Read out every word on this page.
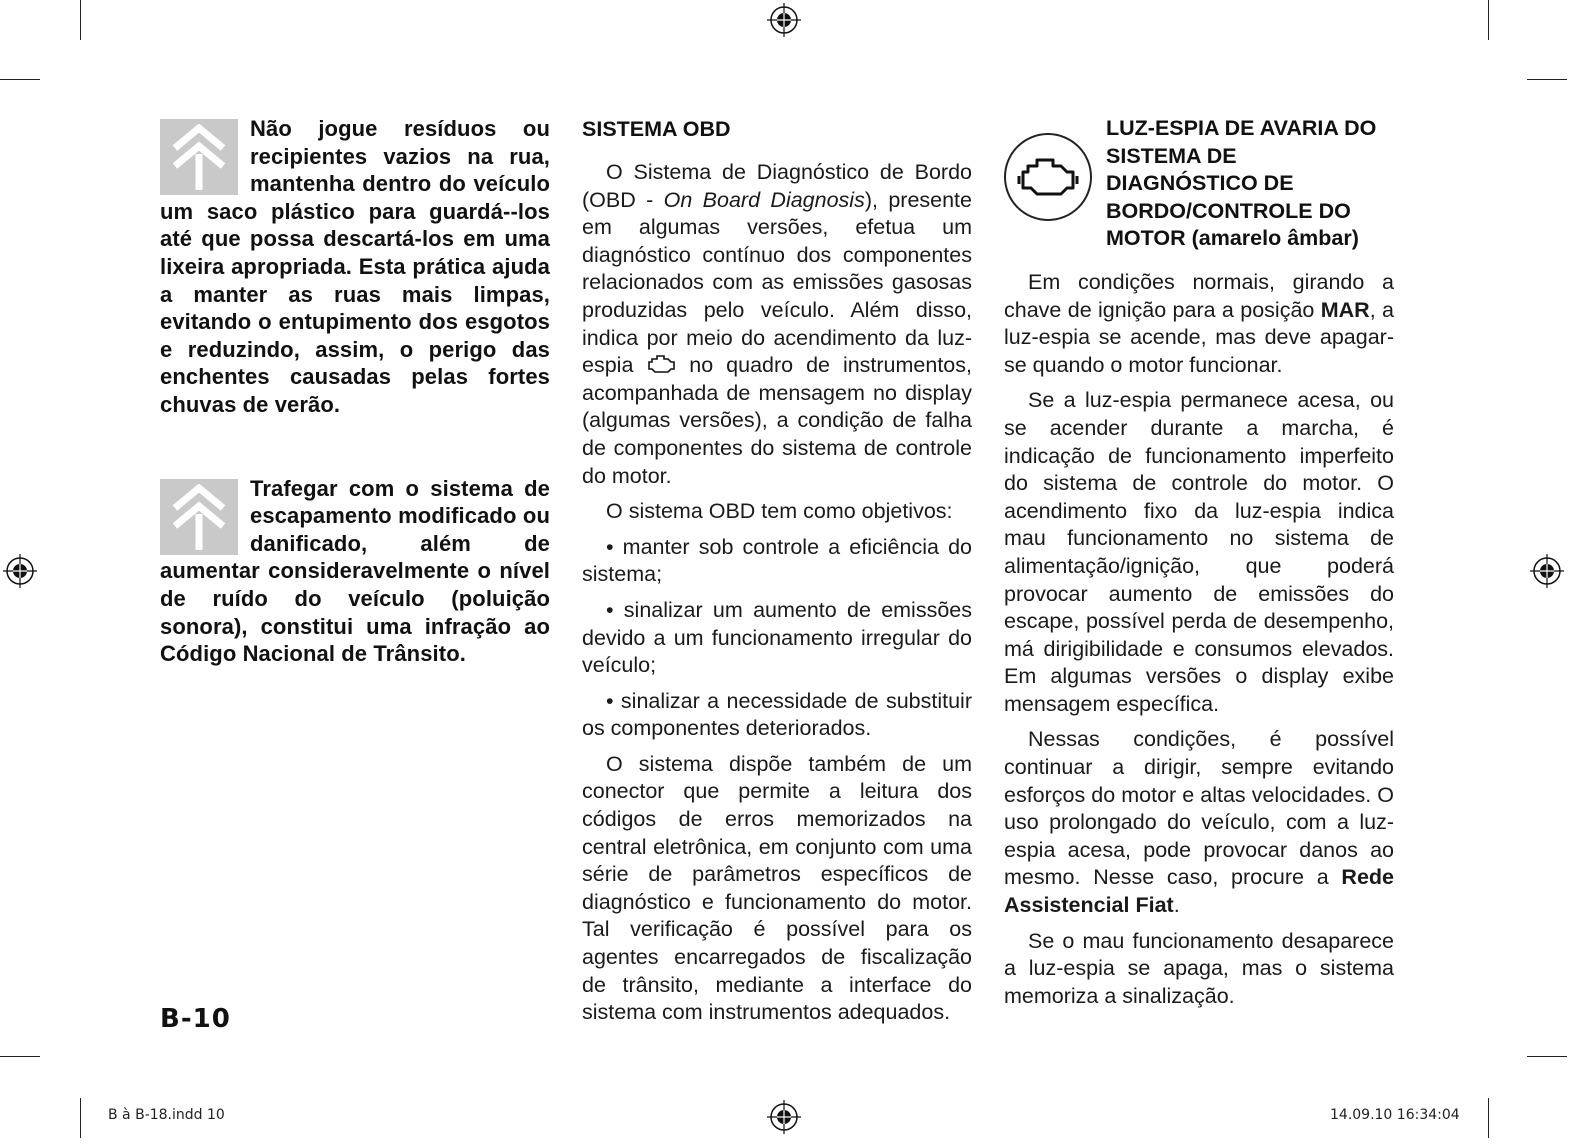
Não jogue resíduos ou recipientes vazios na rua, mantenha dentro do veículo um saco plástico para guardá--los até que possa descartá-los em uma lixeira apropriada. Esta prática ajuda a manter as ruas mais limpas, evitando o entupimento dos esgotos e reduzindo, assim, o perigo das enchentes causadas pelas fortes chuvas de verão.
Trafegar com o sistema de escapamento modificado ou danificado, além de aumentar consideravelmente o nível de ruído do veículo (poluição sonora), constitui uma infração ao Código Nacional de Trânsito.
SISTEMA OBD

O Sistema de Diagnóstico de Bordo (OBD - On Board Diagnosis), presente em algumas versões, efetua um diagnóstico contínuo dos componentes relacionados com as emissões gasosas produzidas pelo veículo. Além disso, indica por meio do acendimento da luz-espia  no quadro de instrumentos, acompanhada de mensagem no display (algumas versões), a condição de falha de componentes do sistema de controle do motor.

O sistema OBD tem como objetivos:

• manter sob controle a eficiência do sistema;

• sinalizar um aumento de emissões devido a um funcionamento irregular do veículo;

• sinalizar a necessidade de substituir os componentes deteriorados.

O sistema dispõe também de um conector que permite a leitura dos códigos de erros memorizados na central eletrônica, em conjunto com uma série de parâmetros específicos de diagnóstico e funcionamento do motor. Tal verificação é possível para os agentes encarregados de fiscalização de trânsito, mediante a interface do sistema com instrumentos adequados.

LUZ-ESPIA DE AVARIA DO SISTEMA DE DIAGNÓSTICO DE BORDO/CONTROLE DO MOTOR (amarelo âmbar)

Em condições normais, girando a chave de ignição para a posição MAR, a luz-espia se acende, mas deve apagar-se quando o motor funcionar.

Se a luz-espia permanece acesa, ou se acender durante a marcha, é indicação de funcionamento imperfeito do sistema de controle do motor. O acendimento fixo da luz-espia indica mau funcionamento no sistema de alimentação/ignição, que poderá provocar aumento de emissões do escape, possível perda de desempenho, má dirigibilidade e consumos elevados. Em algumas versões o display exibe mensagem específica.

Nessas condições, é possível continuar a dirigir, sempre evitando esforços do motor e altas velocidades. O uso prolongado do veículo, com a luz-espia acesa, pode provocar danos ao mesmo. Nesse caso, procure a Rede Assistencial Fiat.

Se o mau funcionamento desaparece a luz-espia se apaga, mas o sistema memoriza a sinalização.

B-10
B à B-18.indd 10	14.09.10 16:34:04
